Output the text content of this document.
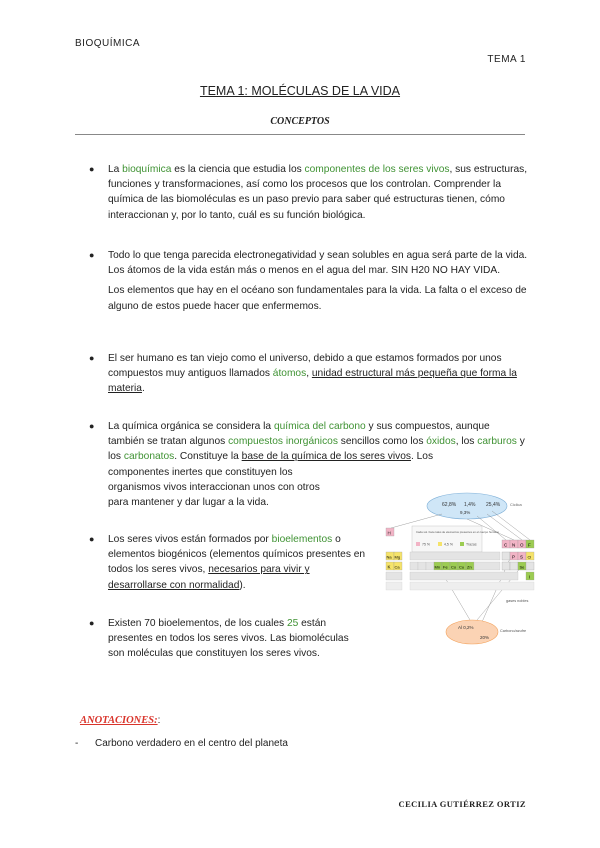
BIOQUÍMICA
TEMA 1
TEMA 1: MOLÉCULAS DE LA VIDA
CONCEPTOS
● La bioquímica es la ciencia que estudia los componentes de los seres vivos, sus estructuras, funciones y transformaciones, así como los procesos que los controlan. Comprender la química de las biomoléculas es un paso previo para saber qué estructuras tienen, cómo interaccionan y, por lo tanto, cuál es su función biológica.

● Todo lo que tenga parecida electronegatividad y sean solubles en agua será parte de la vida. Los átomos de la vida están más o menos en el agua del mar. SIN H20 NO HAY VIDA.

Los elementos que hay en el océano son fundamentales para la vida. La falta o el exceso de alguno de estos puede hacer que enfermemos.

● El ser humano es tan viejo como el universo, debido a que estamos formados por unos compuestos muy antiguos llamados átomos, unidad estructural más pequeña que forma la materia.

● La química orgánica se considera la química del carbono y sus compuestos, aunque también se tratan algunos compuestos inorgánicos sencillos como los óxidos, los carburos y los carbonatos. Constituye la base de la química de los seres vivos. Los

componentes inertes que constituyen los

organismos vivos interaccionan unos con otros

para mantener y dar lugar a la vida.

● Los seres vivos están formados por bioelementos o elementos biogénicos (elementos químicos presentes en todos los seres vivos, necesarios para vivir y desarrollarse con normalidad).

● Existen 70 bioelementos, de los cuales 25 están presentes en todos los seres vivos. Las biomoléculas son moléculas que constituyen los seres vivos.

62,8% 1,4% 25,4%
9,3%
Ciclica
H	Cada sol. hace tales de elementos presentes en el cuerpo humano
75 %	4,5 %	Trazas	C N O F
Na Mg	P S Cl
K Ca	Mn Fe Co Cu Zn	Se
I
gases nobles
Al 0,2%
20%
Carbono/azufre
ANOTACIONES::
- Carbono verdadero en el centro del planeta
CECILIA GUTIÉRREZ ORTIZ
